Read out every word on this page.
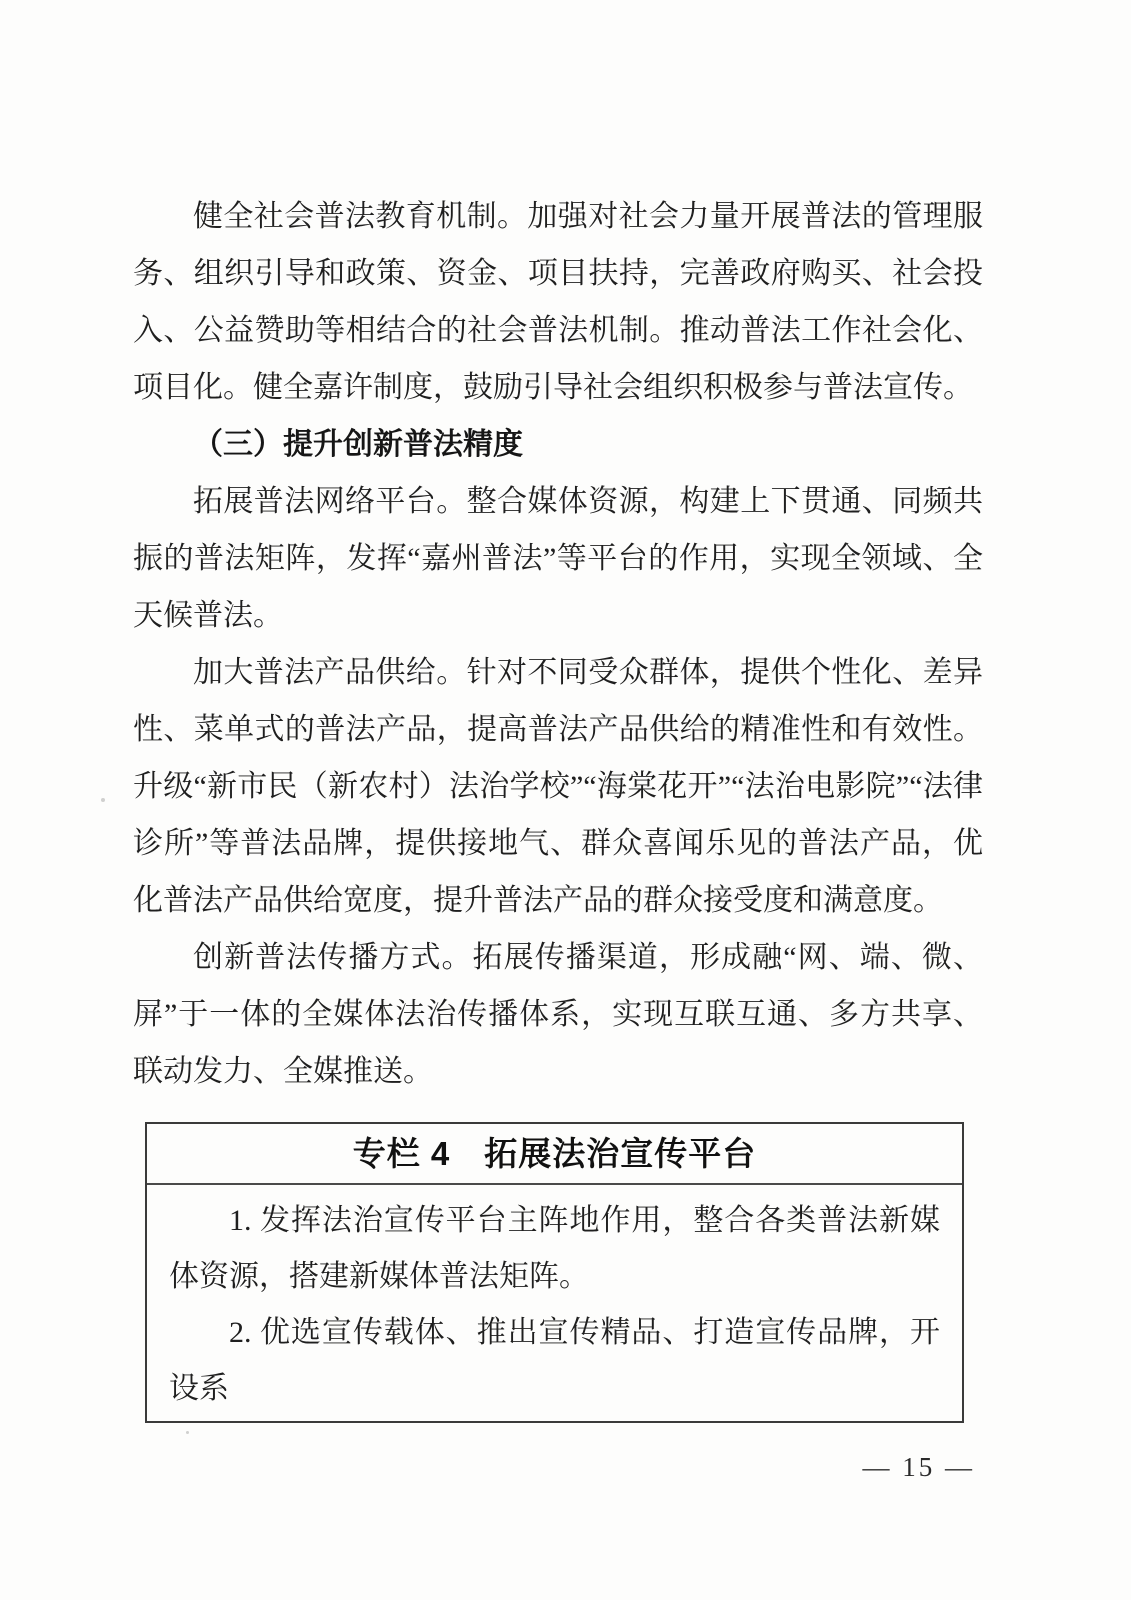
健全社会普法教育机制。加强对社会力量开展普法的管理服务、组织引导和政策、资金、项目扶持，完善政府购买、社会投入、公益赞助等相结合的社会普法机制。推动普法工作社会化、项目化。健全嘉许制度，鼓励引导社会组织积极参与普法宣传。

（三）提升创新普法精度

拓展普法网络平台。整合媒体资源，构建上下贯通、同频共振的普法矩阵，发挥“嘉州普法”等平台的作用，实现全领域、全天候普法。

加大普法产品供给。针对不同受众群体，提供个性化、差异性、菜单式的普法产品，提高普法产品供给的精准性和有效性。升级“新市民（新农村）法治学校”“海棠花开”“法治电影院”“法律诊所”等普法品牌，提供接地气、群众喜闻乐见的普法产品，优化普法产品供给宽度，提升普法产品的群众接受度和满意度。

创新普法传播方式。拓展传播渠道，形成融“网、端、微、屏”于一体的全媒体法治传播体系，实现互联互通、多方共享、联动发力、全媒推送。

专栏 4　拓展法治宣传平台

1. 发挥法治宣传平台主阵地作用，整合各类普法新媒体资源，搭建新媒体普法矩阵。

2. 优选宣传载体、推出宣传精品、打造宣传品牌，开设系

— 15 —
